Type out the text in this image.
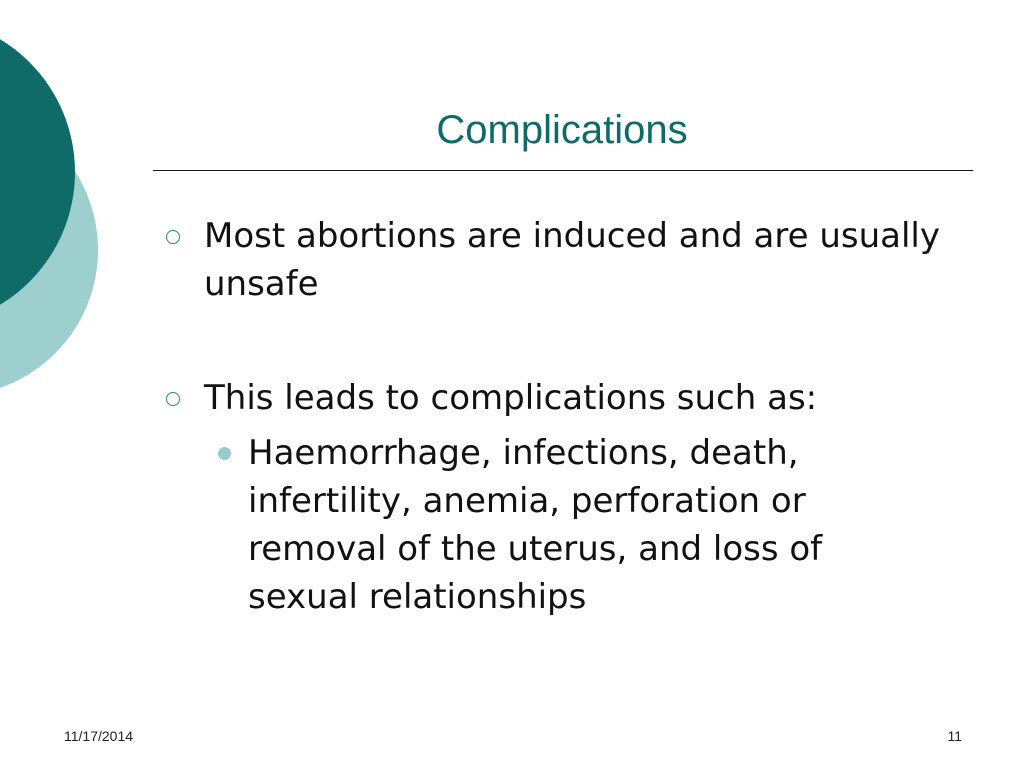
Complications
Most abortions are induced and are usually unsafe
This leads to complications such as:
Haemorrhage, infections, death, infertility, anemia, perforation or removal of the uterus, and loss of sexual relationships
11/17/2014	11
